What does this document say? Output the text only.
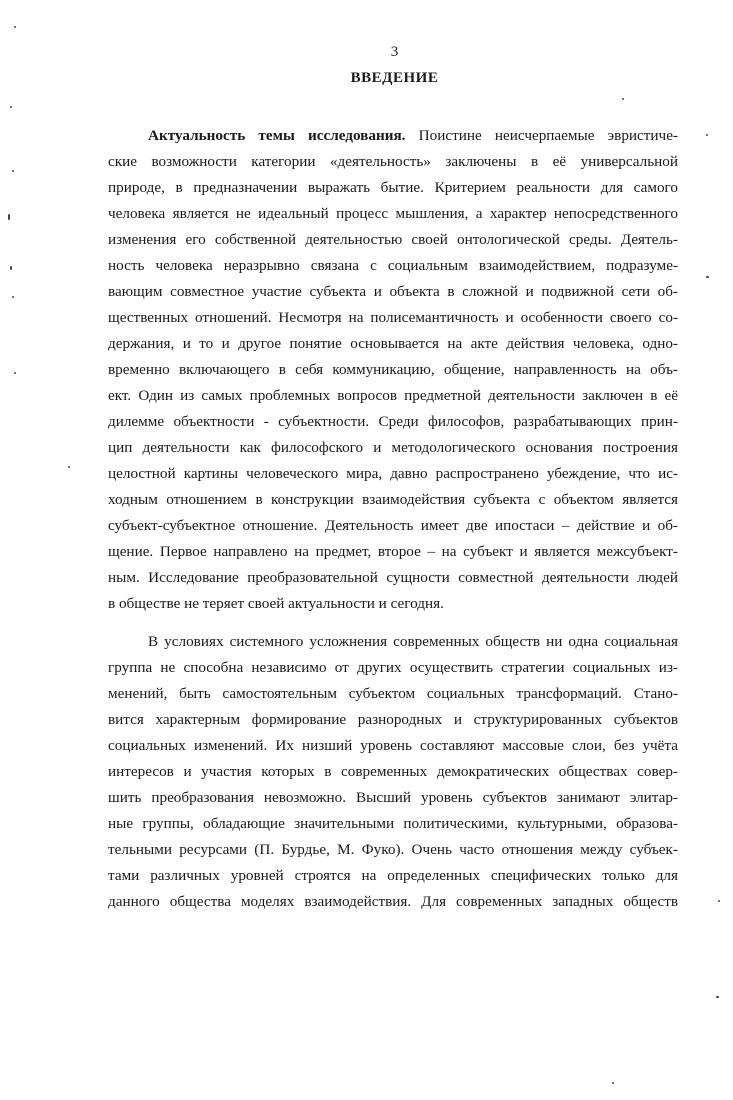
3
ВВЕДЕНИЕ
Актуальность темы исследования. Поистине неисчерпаемые эвристиче-
ские возможности категории «деятельность» заключены в её универсальной
природе, в предназначении выражать бытие. Критерием реальности для самого
человека является не идеальный процесс мышления, а характер непосредственного
изменения его собственной деятельностью своей онтологической среды. Деятель-
ность человека неразрывно связана с социальным взаимодействием, подразуме-
вающим совместное участие субъекта и объекта в сложной и подвижной сети об-
щественных отношений. Несмотря на полисемантичность и особенности своего со-
держания, и то и другое понятие основывается на акте действия человека, одно-
временно включающего в себя коммуникацию, общение, направленность на объ-
ект. Один из самых проблемных вопросов предметной деятельности заключен в её
дилемме объектности - субъектности. Среди философов, разрабатывающих прин-
цип деятельности как философского и методологического основания построения
целостной картины человеческого мира, давно распространено убеждение, что ис-
ходным отношением в конструкции взаимодействия субъекта с объектом является
субъект-субъектное отношение. Деятельность имеет две ипостаси – действие и об-
щение. Первое направлено на предмет, второе – на субъект и является межсубъект-
ным. Исследование преобразовательной сущности совместной деятельности людей
в обществе не теряет своей актуальности и сегодня.
В условиях системного усложнения современных обществ ни одна социальная
группа не способна независимо от других осуществить стратегии социальных из-
менений, быть самостоятельным субъектом социальных трансформаций. Стано-
вится характерным формирование разнородных и структурированных субъектов
социальных изменений. Их низший уровень составляют массовые слои, без учёта
интересов и участия которых в современных демократических обществах совер-
шить преобразования невозможно. Высший уровень субъектов занимают элитар-
ные группы, обладающие значительными политическими, культурными, образова-
тельными ресурсами (П. Бурдье, М. Фуко). Очень часто отношения между субъек-
тами различных уровней строятся на определенных специфических только для
данного общества моделях взаимодействия. Для современных западных обществ
